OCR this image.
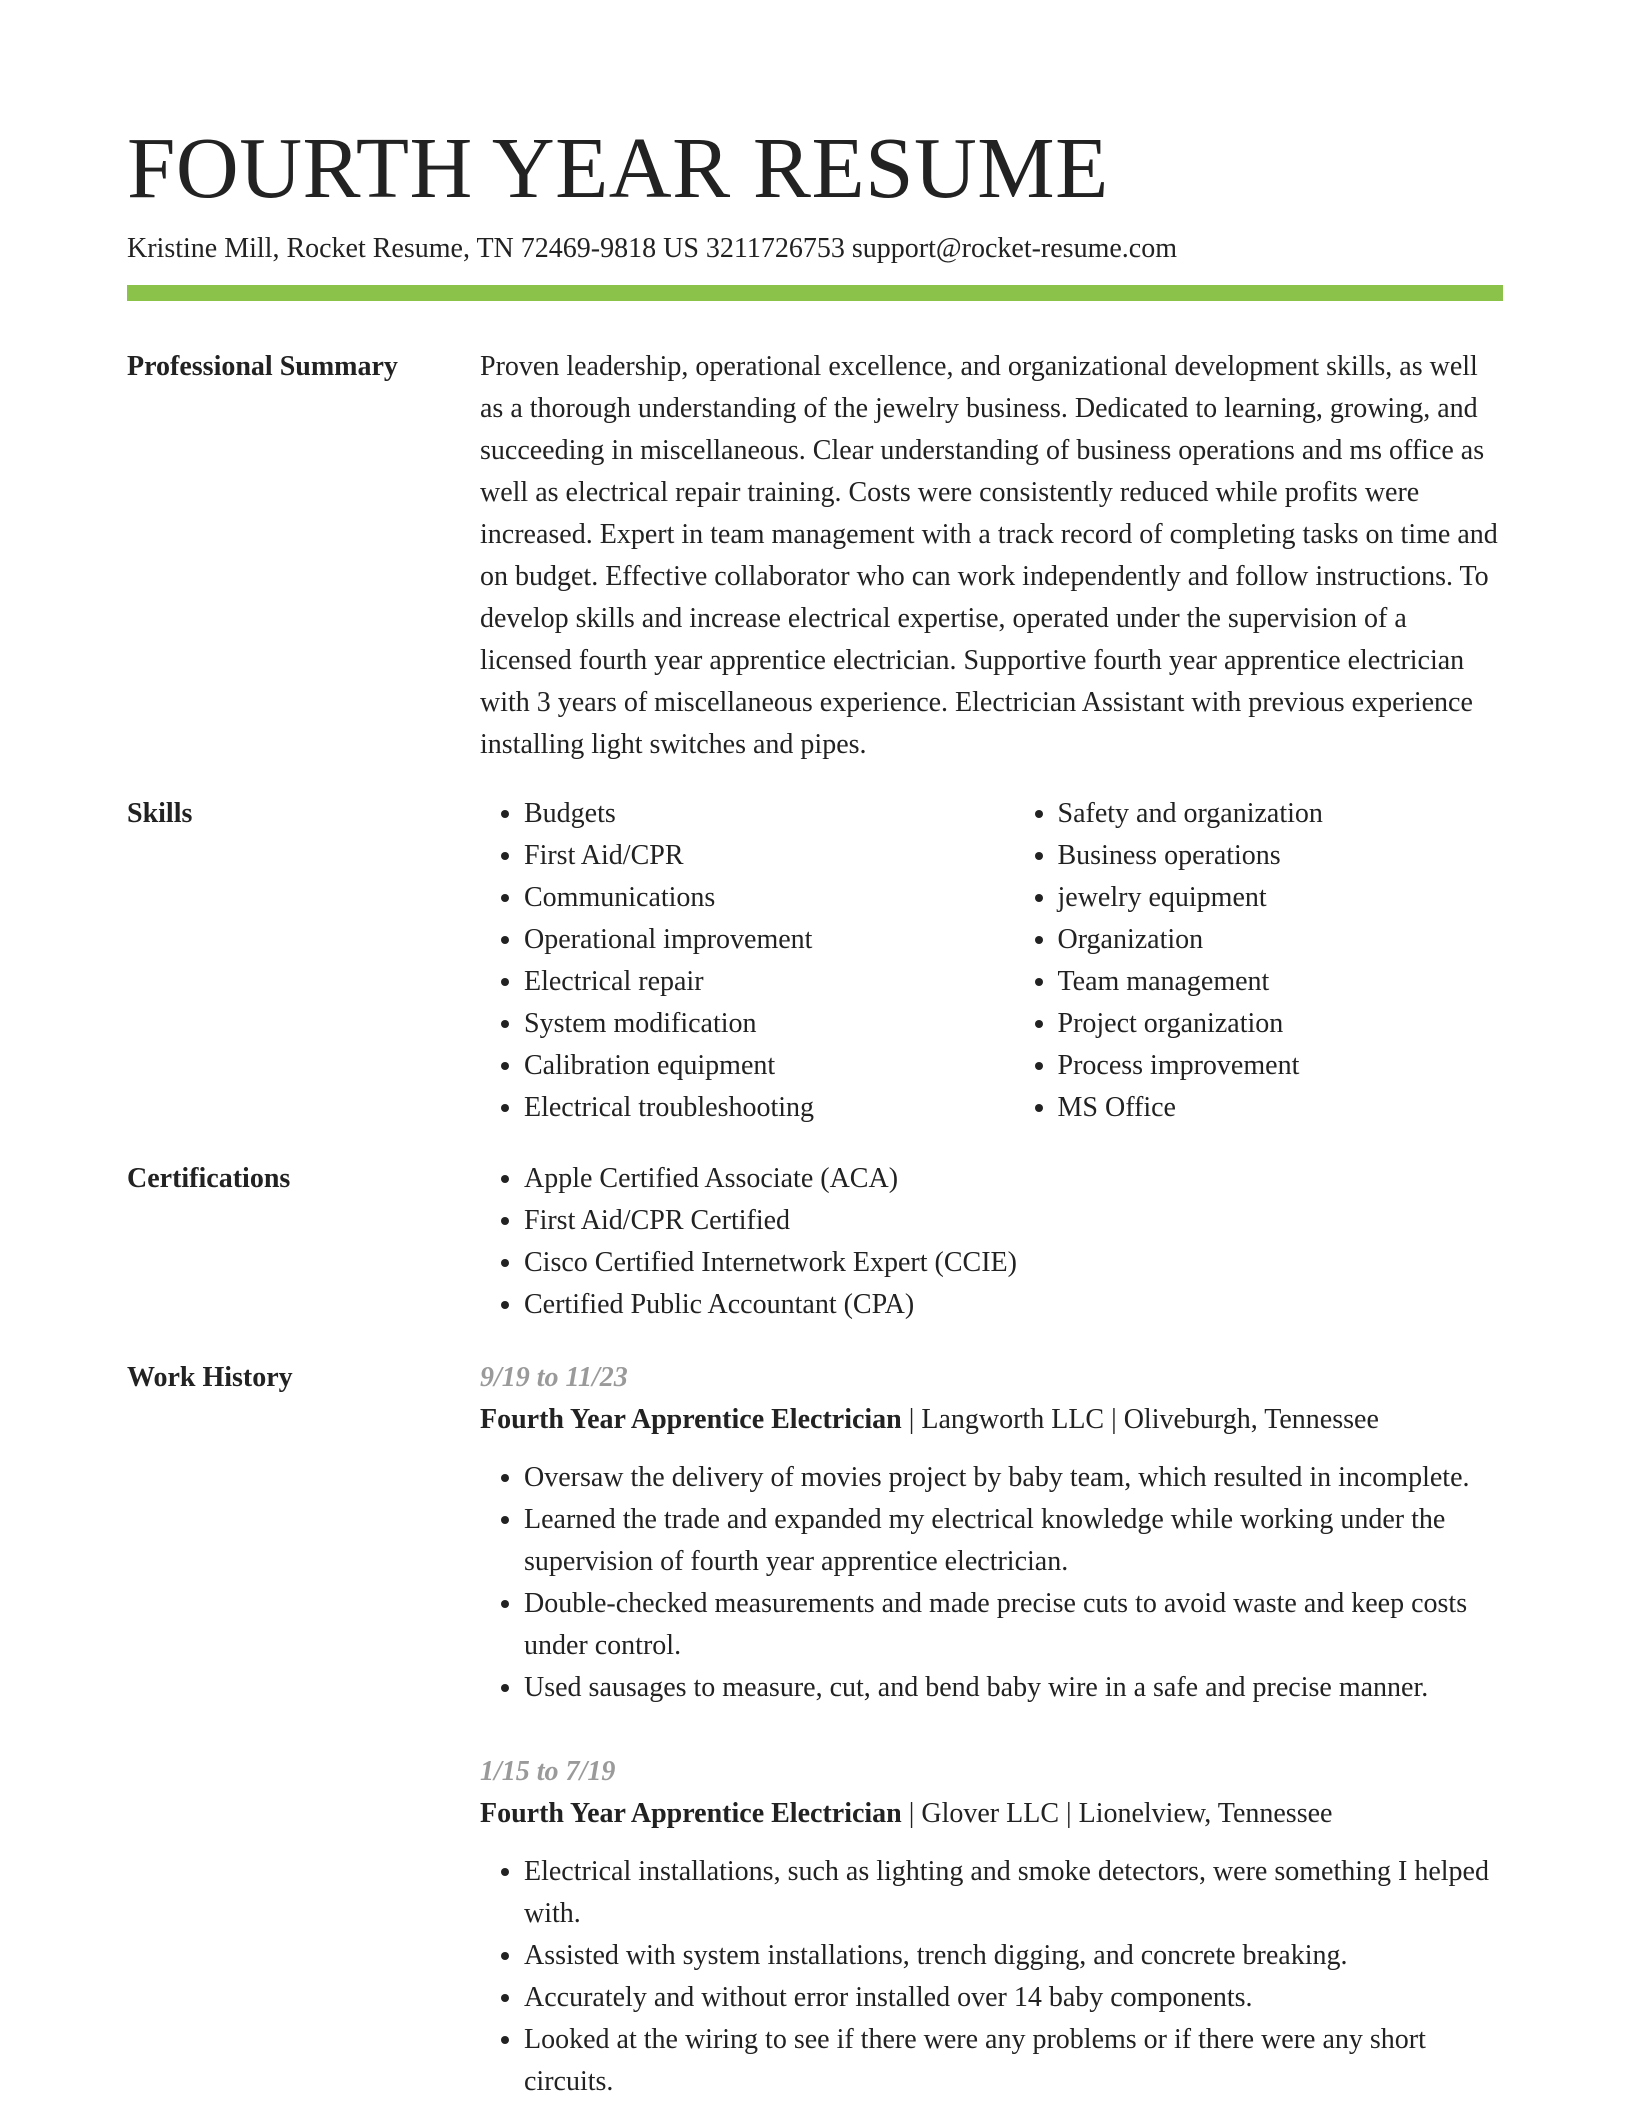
FOURTH YEAR RESUME
Kristine Mill, Rocket Resume, TN 72469-9818 US 3211726753 support@rocket-resume.com
Professional Summary	Proven leadership, operational excellence, and organizational development skills, as well as a thorough understanding of the jewelry business. Dedicated to learning, growing, and succeeding in miscellaneous. Clear understanding of business operations and ms office as well as electrical repair training. Costs were consistently reduced while profits were increased. Expert in team management with a track record of completing tasks on time and on budget. Effective collaborator who can work independently and follow instructions. To develop skills and increase electrical expertise, operated under the supervision of a licensed fourth year apprentice electrician. Supportive fourth year apprentice electrician with 3 years of miscellaneous experience. Electrician Assistant with previous experience installing light switches and pipes.

Skills	• Budgets
• First Aid/CPR
• Communications
• Operational improvement
• Electrical repair
• System modification
• Calibration equipment
• Electrical troubleshooting
• Safety and organization
• Business operations
• jewelry equipment
• Organization
• Team management
• Project organization
• Process improvement
• MS Office
Certifications	• Apple Certified Associate (ACA)
• First Aid/CPR Certified
• Cisco Certified Internetwork Expert (CCIE)
• Certified Public Accountant (CPA)
Work History	9/19 to 11/23
Fourth Year Apprentice Electrician | Langworth LLC | Oliveburgh, Tennessee
• Oversaw the delivery of movies project by baby team, which resulted in incomplete.
• Learned the trade and expanded my electrical knowledge while working under the supervision of fourth year apprentice electrician.
• Double-checked measurements and made precise cuts to avoid waste and keep costs under control.
• Used sausages to measure, cut, and bend baby wire in a safe and precise manner.
1/15 to 7/19
Fourth Year Apprentice Electrician | Glover LLC | Lionelview, Tennessee
• Electrical installations, such as lighting and smoke detectors, were something I helped with.
• Assisted with system installations, trench digging, and concrete breaking.
• Accurately and without error installed over 14 baby components.
• Looked at the wiring to see if there were any problems or if there were any short circuits.
